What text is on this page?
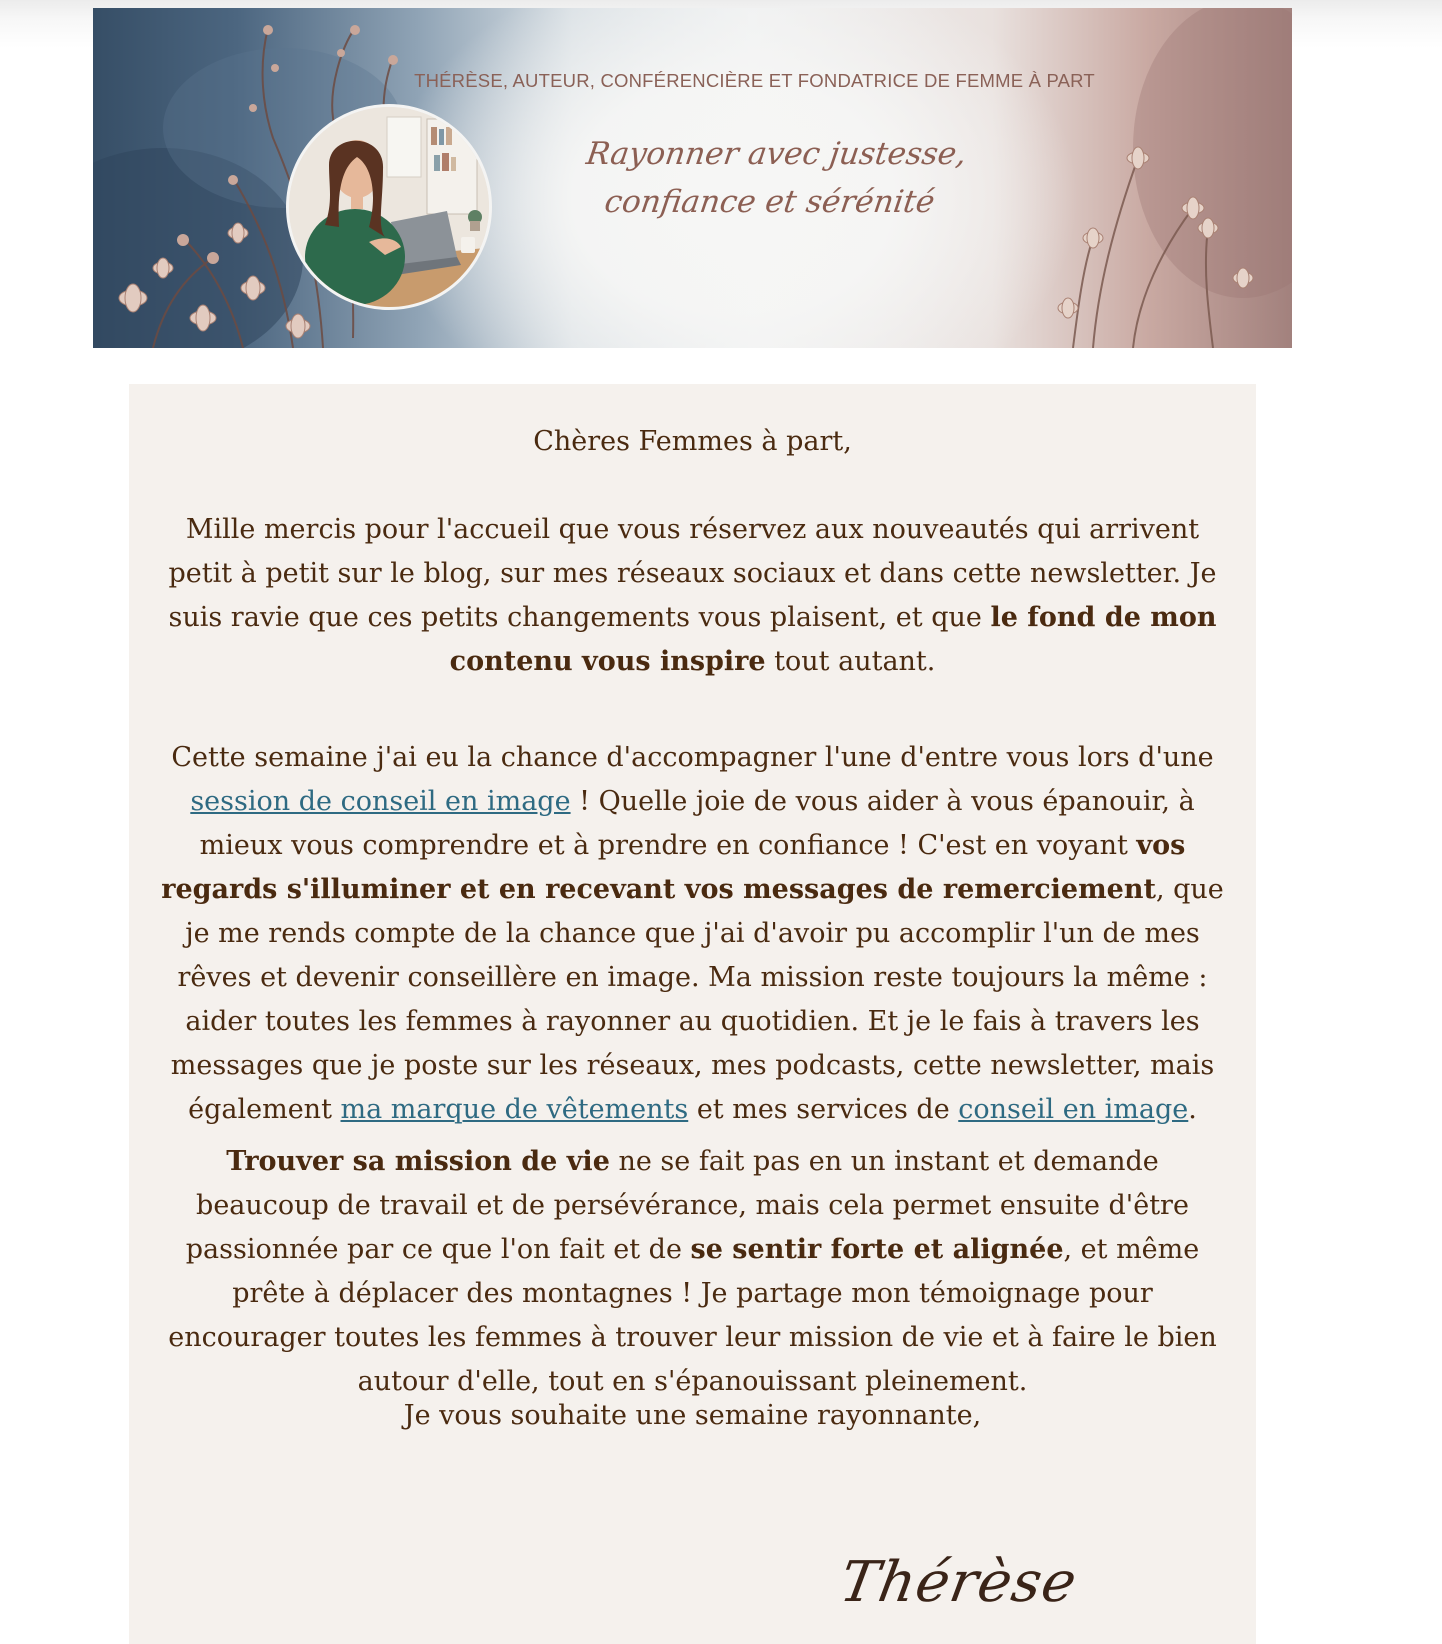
THÉRÈSE, AUTEUR, CONFÉRENCIÈRE ET FONDATRICE DE FEMME À PART
Rayonner avec justesse,
confiance et sérénité

Chères Femmes à part,

Mille mercis pour l'accueil que vous réservez aux nouveautés qui arrivent petit à petit sur le blog, sur mes réseaux sociaux et dans cette newsletter. Je suis ravie que ces petits changements vous plaisent, et que le fond de mon contenu vous inspire tout autant.

Cette semaine j'ai eu la chance d'accompagner l'une d'entre vous lors d'une session de conseil en image ! Quelle joie de vous aider à vous épanouir, à mieux vous comprendre et à prendre en confiance ! C'est en voyant vos regards s'illuminer et en recevant vos messages de remerciement, que je me rends compte de la chance que j'ai d'avoir pu accomplir l'un de mes rêves et devenir conseillère en image. Ma mission reste toujours la même : aider toutes les femmes à rayonner au quotidien. Et je le fais à travers les messages que je poste sur les réseaux, mes podcasts, cette newsletter, mais également ma marque de vêtements et mes services de conseil en image.

Trouver sa mission de vie ne se fait pas en un instant et demande beaucoup de travail et de persévérance, mais cela permet ensuite d'être passionnée par ce que l'on fait et de se sentir forte et alignée, et même prête à déplacer des montagnes ! Je partage mon témoignage pour encourager toutes les femmes à trouver leur mission de vie et à faire le bien autour d'elle, tout en s'épanouissant pleinement.

Je vous souhaite une semaine rayonnante,

Thérèse
